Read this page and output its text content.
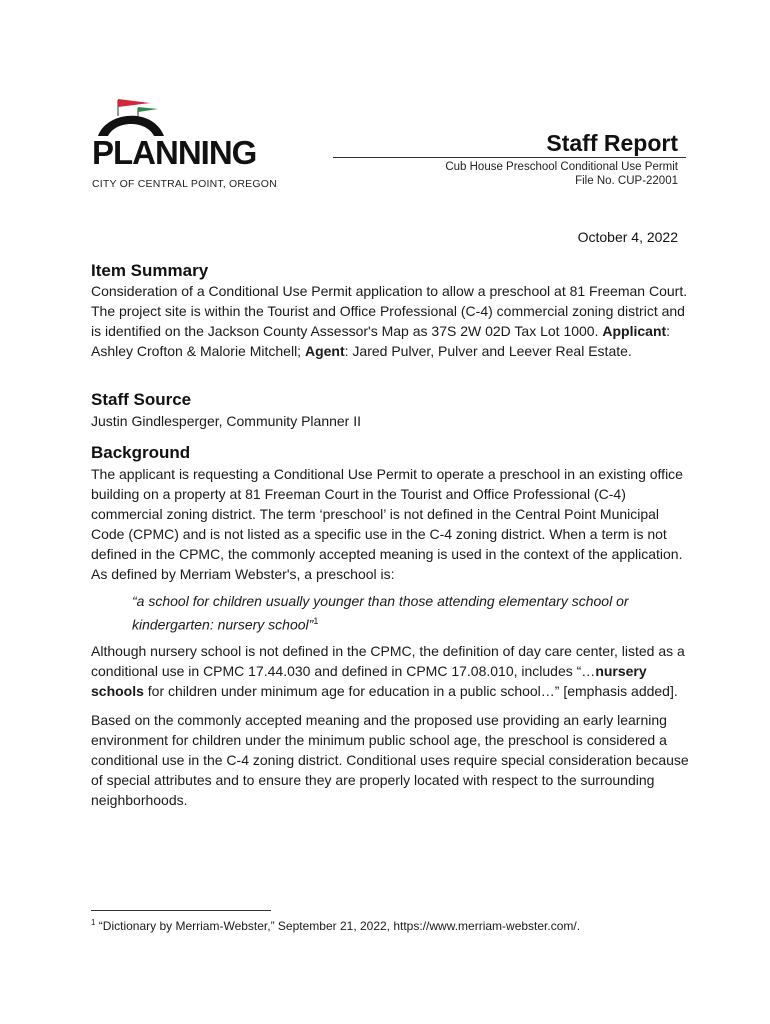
PLANNING
CITY OF CENTRAL POINT, OREGON
Staff Report
Cub House Preschool Conditional Use Permit
File No. CUP-22001
October 4, 2022
Item Summary

Consideration of a Conditional Use Permit application to allow a preschool at 81 Freeman Court. The project site is within the Tourist and Office Professional (C-4) commercial zoning district and is identified on the Jackson County Assessor's Map as 37S 2W 02D Tax Lot 1000. Applicant: Ashley Crofton & Malorie Mitchell; Agent: Jared Pulver, Pulver and Leever Real Estate.

Staff Source

Justin Gindlesperger, Community Planner II

Background

The applicant is requesting a Conditional Use Permit to operate a preschool in an existing office building on a property at 81 Freeman Court in the Tourist and Office Professional (C-4) commercial zoning district. The term ‘preschool’ is not defined in the Central Point Municipal Code (CPMC) and is not listed as a specific use in the C-4 zoning district. When a term is not defined in the CPMC, the commonly accepted meaning is used in the context of the application. As defined by Merriam Webster's, a preschool is:

“a school for children usually younger than those attending elementary school or kindergarten: nursery school”$^1$

Although nursery school is not defined in the CPMC, the definition of day care center, listed as a conditional use in CPMC 17.44.030 and defined in CPMC 17.08.010, includes “…nursery schools for children under minimum age for education in a public school…” [emphasis added].

Based on the commonly accepted meaning and the proposed use providing an early learning environment for children under the minimum public school age, the preschool is considered a conditional use in the C-4 zoning district. Conditional uses require special consideration because of special attributes and to ensure they are properly located with respect to the surrounding neighborhoods.

$^1$ “Dictionary by Merriam-Webster,” September 21, 2022, https://www.merriam-webster.com/.
